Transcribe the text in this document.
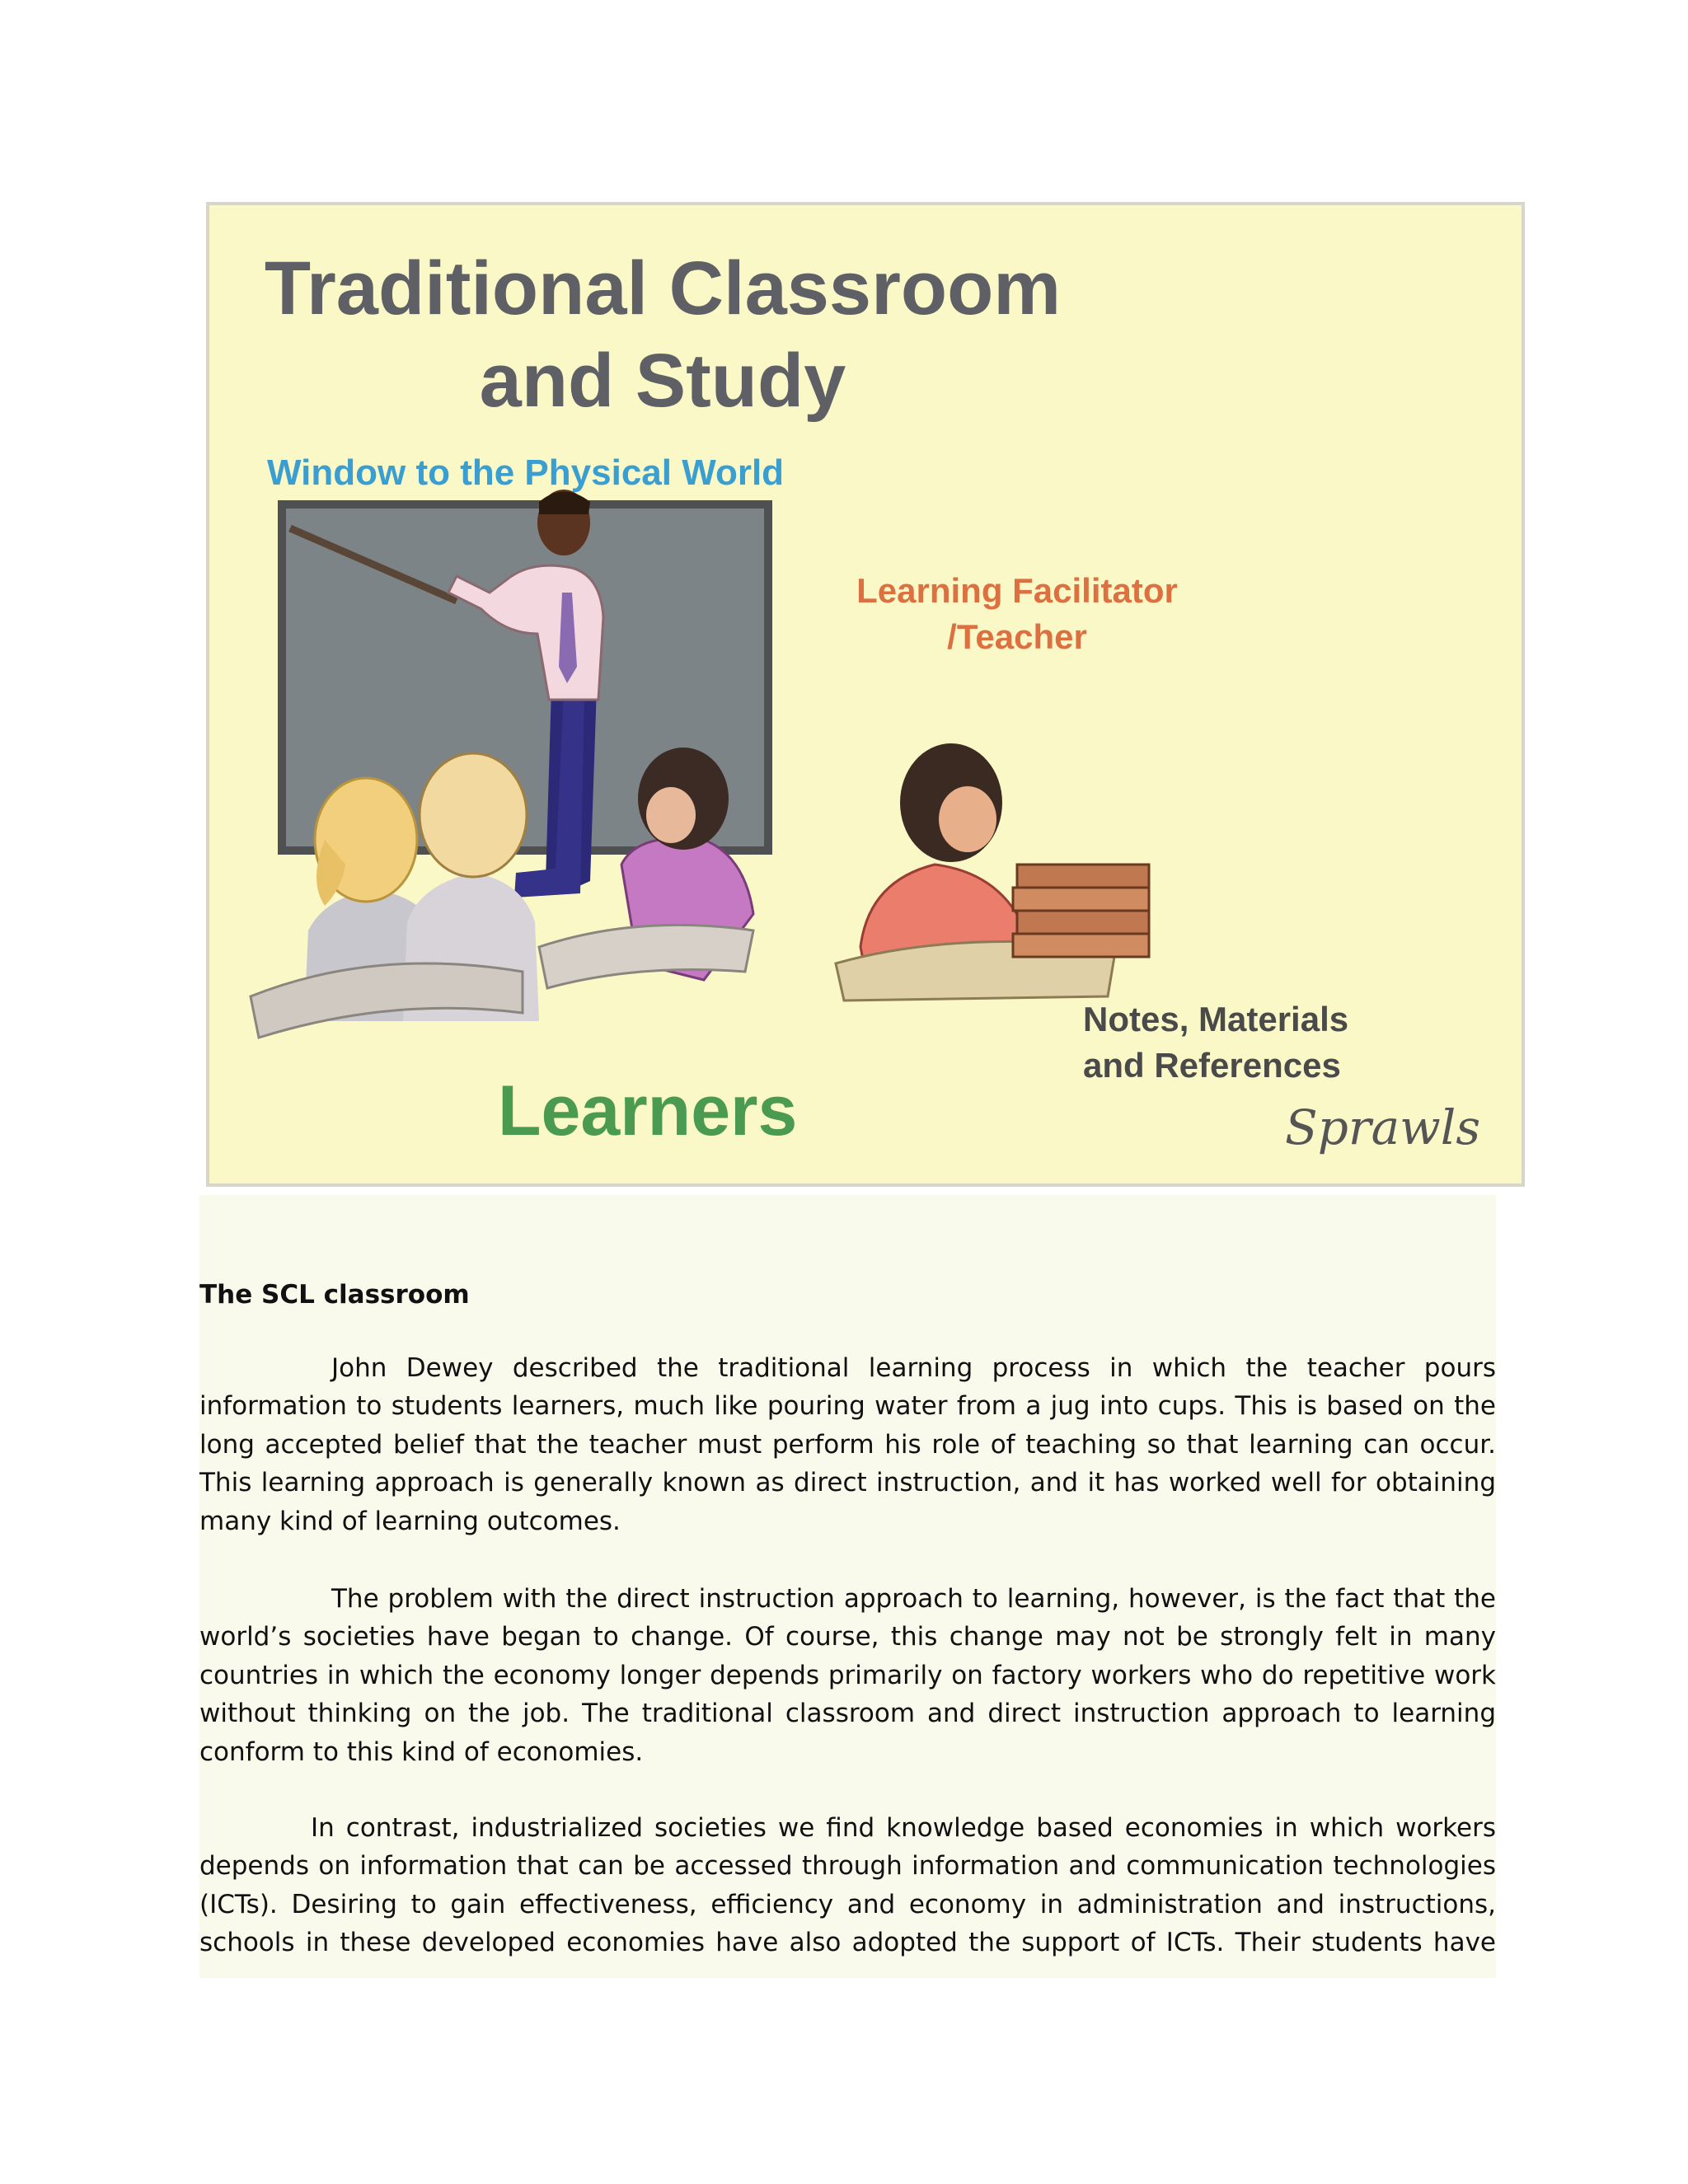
Traditional Classroom
and Study
Window to the Physical World
Learning Facilitator
/Teacher
Notes, Materials
and References
Learners	Sprawls
The SCL classroom

John Dewey described the traditional learning process in which the teacher pours information to students learners, much like pouring water from a jug into cups. This is based on the long accepted belief that the teacher must perform his role of teaching so that learning can occur. This learning approach is generally known as direct instruction, and it has worked well for obtaining many kind of learning outcomes.

The problem with the direct instruction approach to learning, however, is the fact that the world’s societies have began to change. Of course, this change may not be strongly felt in many countries in which the economy longer depends primarily on factory workers who do repetitive work without thinking on the job. The traditional classroom and direct instruction approach to learning conform to this kind of economies.

In contrast, industrialized societies we find knowledge based economies in which workers depends on information that can be accessed through information and communication technologies (ICTs). Desiring to gain effectiveness, efficiency and economy in administration and instructions, schools in these developed economies have also adopted the support of ICTs. Their students have
